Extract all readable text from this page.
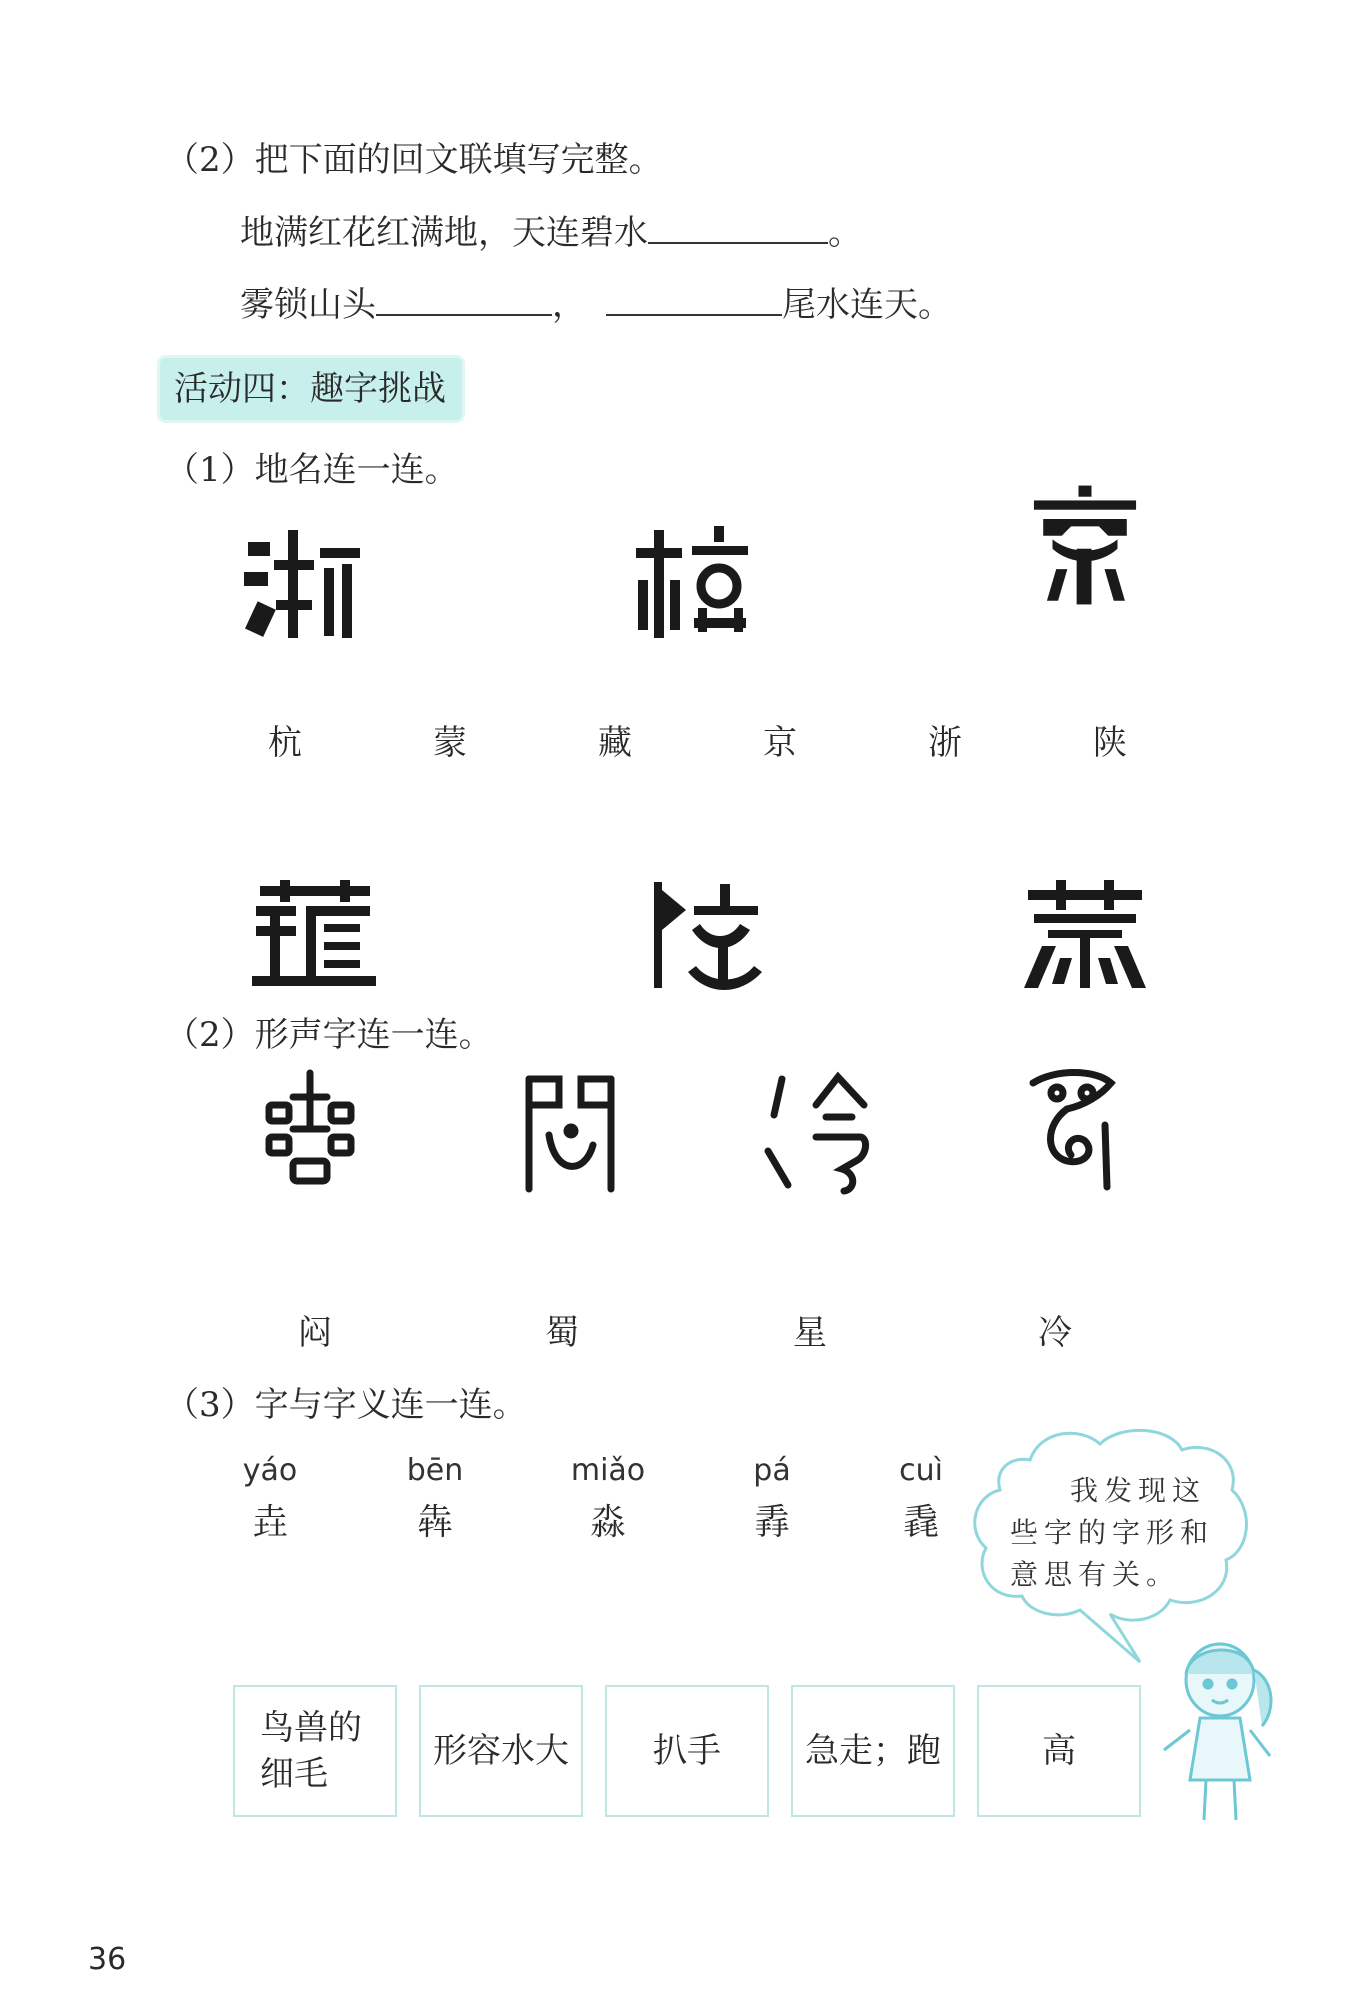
（2）把下面的回文联填写完整。
地满红花红满地，天连碧水	。
雾锁山头	，	尾水连天。
活动四：趣字挑战
（1）地名连一连。
杭	蒙	藏	京	浙	陕
（2）形声字连一连。
闷	蜀	星	冷
（3）字与字义连一连。
yáo
垚
bēn
犇
miǎo
淼
pá
掱
cuì
毳
我发现这
些字的字形和
意思有关。
鸟兽的细毛
形容水大 扒手 急走；跑	高
36
